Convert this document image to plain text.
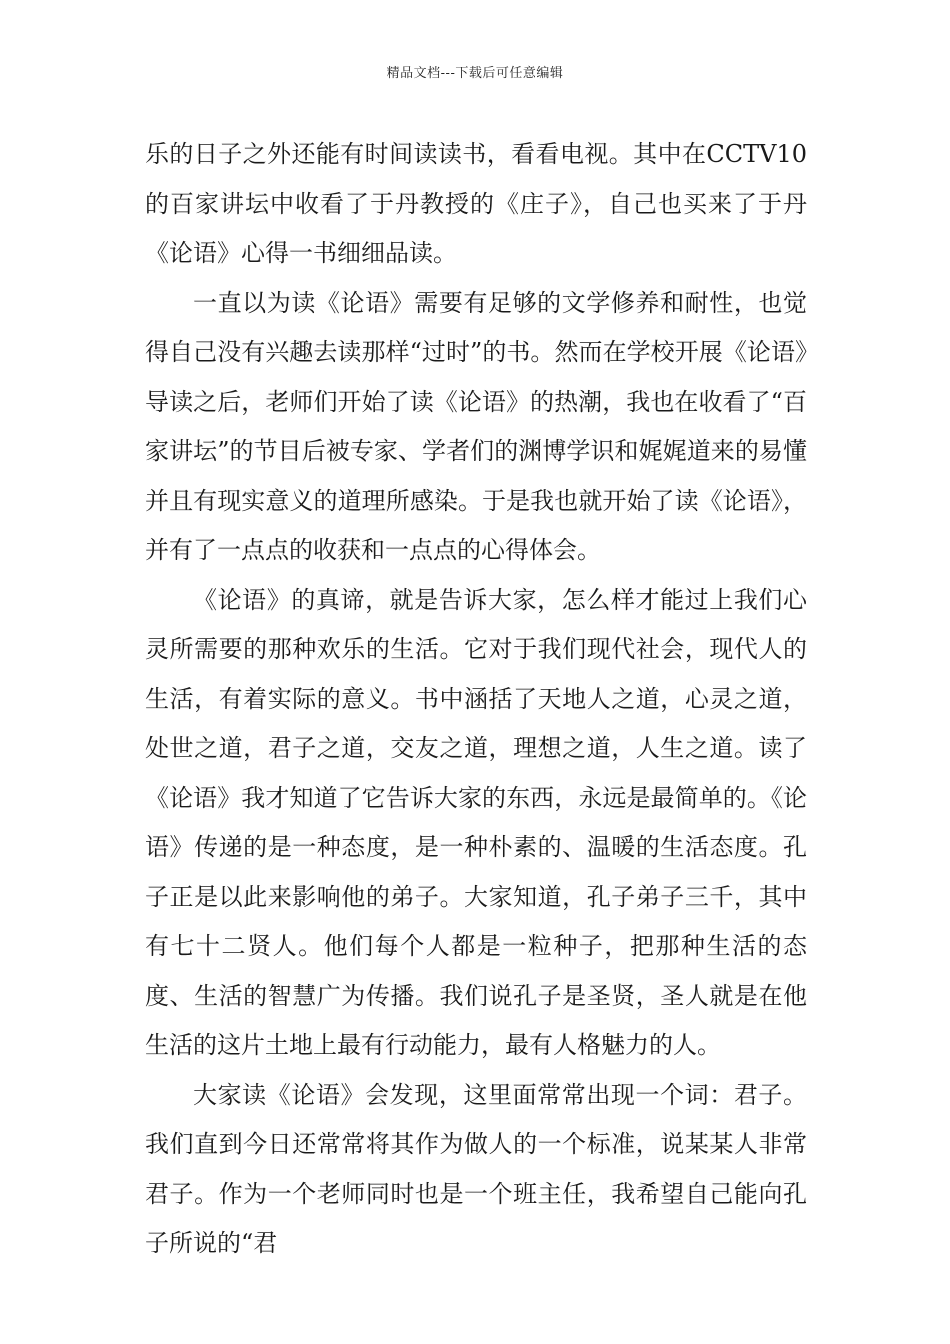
精品文档---下载后可任意编辑

乐的日子之外还能有时间读读书，看看电视。其中在CCTV10的百家讲坛中收看了于丹教授的《庄子》，自己也买来了于丹《论语》心得一书细细品读。

一直以为读《论语》需要有足够的文学修养和耐性，也觉得自己没有兴趣去读那样“过时”的书。然而在学校开展《论语》导读之后，老师们开始了读《论语》的热潮，我也在收看了“百家讲坛”的节目后被专家、学者们的渊博学识和娓娓道来的易懂并且有现实意义的道理所感染。于是我也就开始了读《论语》，并有了一点点的收获和一点点的心得体会。

《论语》的真谛，就是告诉大家，怎么样才能过上我们心灵所需要的那种欢乐的生活。它对于我们现代社会，现代人的生活，有着实际的意义。书中涵括了天地人之道，心灵之道，处世之道，君子之道，交友之道，理想之道，人生之道。读了《论语》我才知道了它告诉大家的东西，永远是最简单的。《论语》传递的是一种态度，是一种朴素的、温暖的生活态度。孔子正是以此来影响他的弟子。大家知道，孔子弟子三千，其中有七十二贤人。他们每个人都是一粒种子，把那种生活的态度、生活的智慧广为传播。我们说孔子是圣贤，圣人就是在他生活的这片土地上最有行动能力，最有人格魅力的人。

大家读《论语》会发现，这里面常常出现一个词：君子。我们直到今日还常常将其作为做人的一个标准，说某某人非常君子。作为一个老师同时也是一个班主任，我希望自己能向孔子所说的“君
